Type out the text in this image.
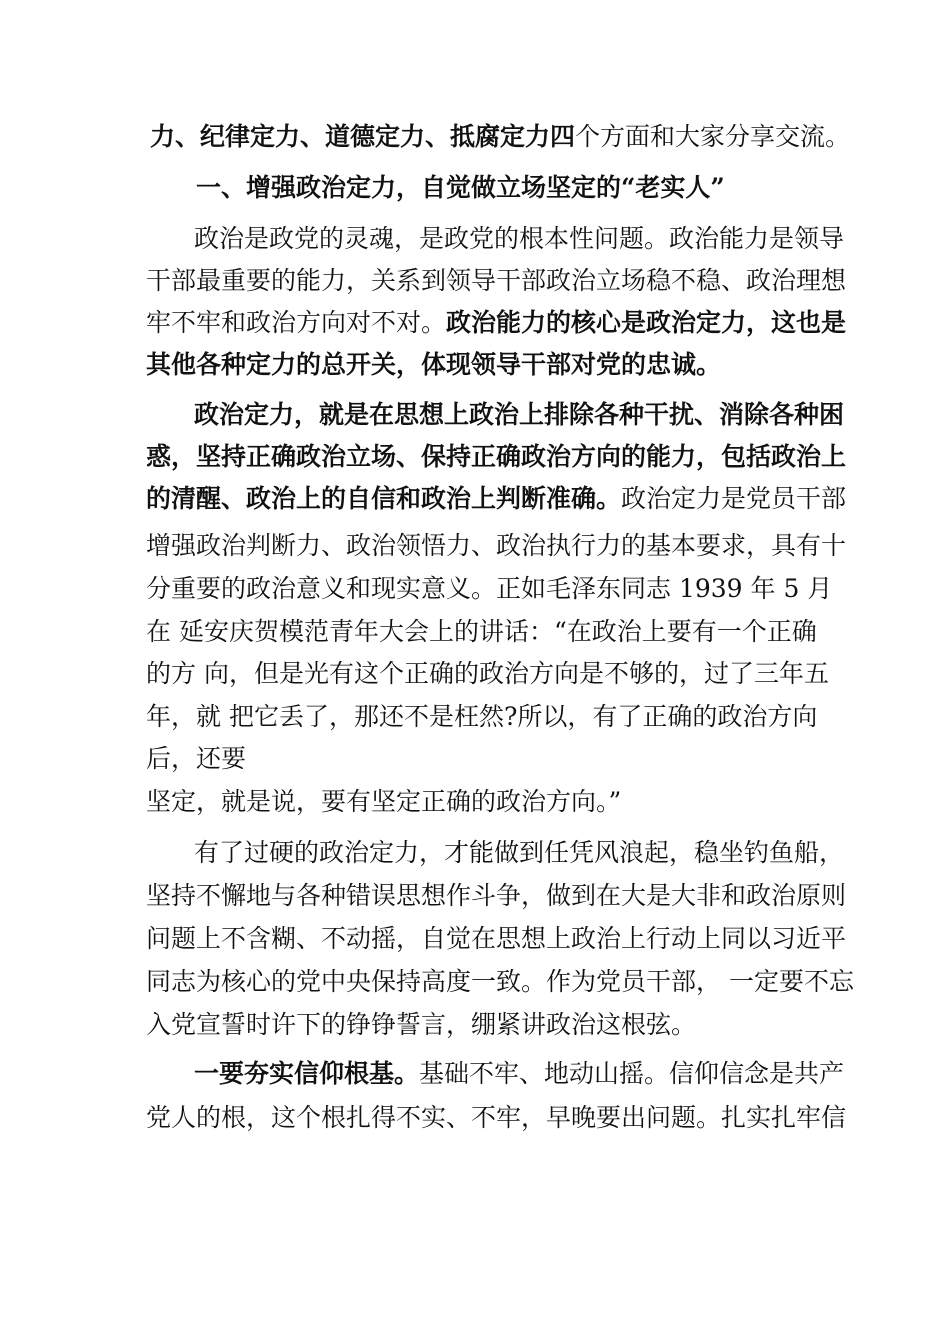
力、纪律定力、道德定力、抵腐定力四个方面和大家分享交流。
一、增强政治定力，自觉做立场坚定的“老实人”
政治是政党的灵魂，是政党的根本性问题。政治能力是领导
干部最重要的能力，关系到领导干部政治立场稳不稳、政治理想
牢不牢和政治方向对不对。政治能力的核心是政治定力，这也是
其他各种定力的总开关，体现领导干部对党的忠诚。
政治定力，就是在思想上政治上排除各种干扰、消除各种困
惑，坚持正确政治立场、保持正确政治方向的能力，包括政治上
的清醒、政治上的自信和政治上判断准确。政治定力是党员干部
增强政治判断力、政治领悟力、政治执行力的基本要求，具有十
分重要的政治意义和现实意义。正如毛泽东同志 1939 年 5 月
在 延安庆贺模范青年大会上的讲话：“在政治上要有一个正确
的方 向，但是光有这个正确的政治方向是不够的，过了三年五
年，就 把它丢了，那还不是枉然?所以，有了正确的政治方向
后，还要
坚定，就是说，要有坚定正确的政治方向。”
有了过硬的政治定力，才能做到任凭风浪起，稳坐钓鱼船，
坚持不懈地与各种错误思想作斗争，做到在大是大非和政治原则
问题上不含糊、不动摇，自觉在思想上政治上行动上同以习近平
同志为核心的党中央保持高度一致。作为党员干部， 一定要不忘
入党宣誓时许下的铮铮誓言，绷紧讲政治这根弦。
一要夯实信仰根基。基础不牢、地动山摇。信仰信念是共产
党人的根，这个根扎得不实、不牢，早晚要出问题。扎实扎牢信
